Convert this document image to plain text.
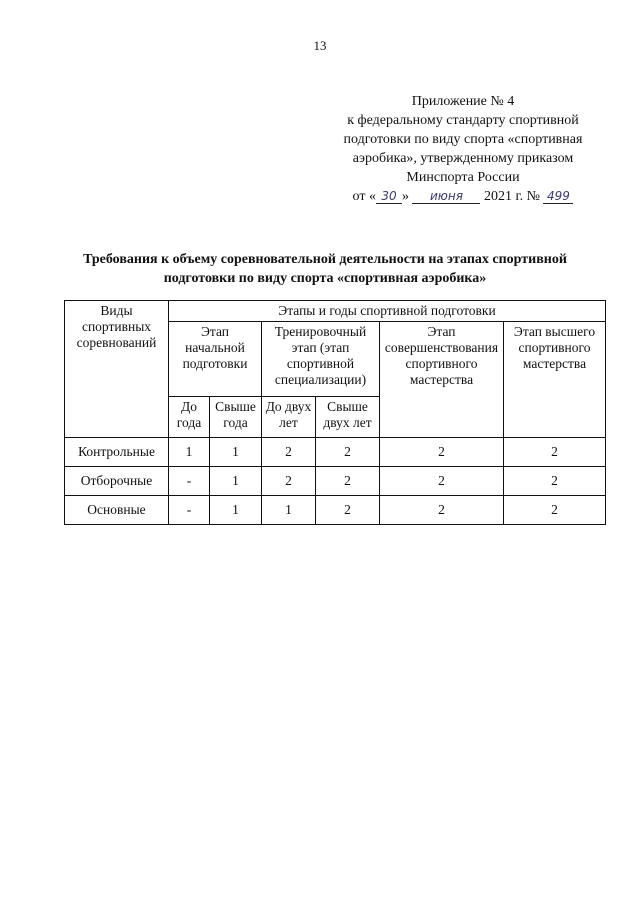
13
Приложение № 4
к федеральному стандарту спортивной
подготовки по виду спорта «спортивная
аэробика», утвержденному приказом
Минспорта России
от « 30 » июня 2021 г. № 499
Требования к объему соревновательной деятельности на этапах спортивной
подготовки по виду спорта «спортивная аэробика»
Виды спортивных соревнований	Этапы и годы спортивной подготовки					
	Этап начальной подготовки		Тренировочный этап (этап спортивной специализации)		Этап совершенствования спортивного мастерства	Этап высшего спортивного мастерства
	До года	Свыше года	До двух лет	Свыше двух лет		
Контрольные	1	1	2	2	2	2
Отборочные	-	1	2	2	2	2
Основные	-	1	1	2	2	2
